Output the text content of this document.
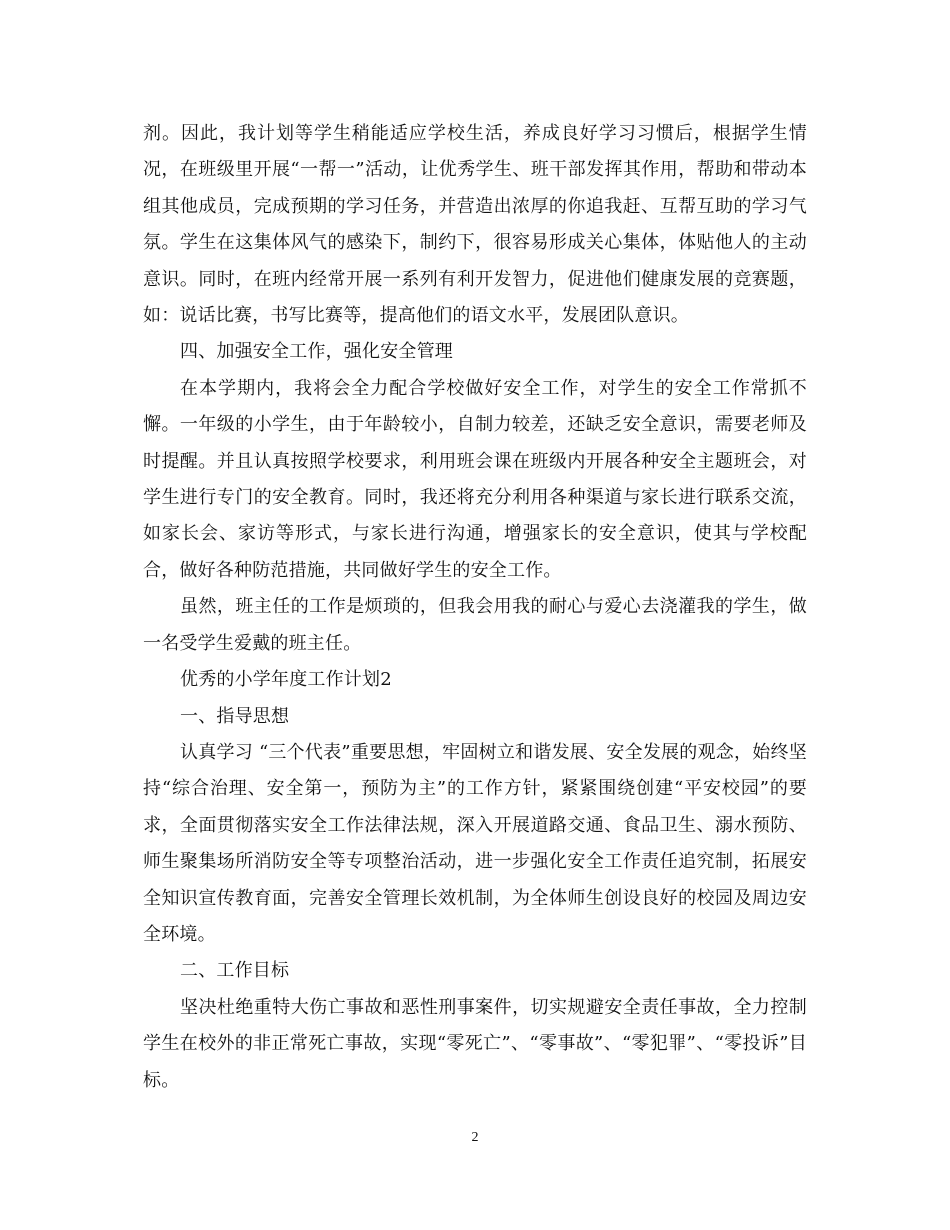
剂。因此，我计划等学生稍能适应学校生活，养成良好学习习惯后，根据学生情况，在班级里开展“一帮一”活动，让优秀学生、班干部发挥其作用，帮助和带动本组其他成员，完成预期的学习任务，并营造出浓厚的你追我赶、互帮互助的学习气氛。学生在这集体风气的感染下，制约下，很容易形成关心集体，体贴他人的主动意识。同时，在班内经常开展一系列有利开发智力，促进他们健康发展的竞赛题，如：说话比赛，书写比赛等，提高他们的语文水平，发展团队意识。

四、加强安全工作，强化安全管理

在本学期内，我将会全力配合学校做好安全工作，对学生的安全工作常抓不懈。一年级的小学生，由于年龄较小，自制力较差，还缺乏安全意识，需要老师及时提醒。并且认真按照学校要求，利用班会课在班级内开展各种安全主题班会，对学生进行专门的安全教育。同时，我还将充分利用各种渠道与家长进行联系交流，如家长会、家访等形式，与家长进行沟通，增强家长的安全意识，使其与学校配合，做好各种防范措施，共同做好学生的安全工作。

虽然，班主任的工作是烦琐的，但我会用我的耐心与爱心去浇灌我的学生，做一名受学生爱戴的班主任。

优秀的小学年度工作计划2

一、指导思想

认真学习 “三个代表”重要思想，牢固树立和谐发展、安全发展的观念，始终坚持“综合治理、安全第一，预防为主”的工作方针，紧紧围绕创建“平安校园”的要求，全面贯彻落实安全工作法律法规，深入开展道路交通、食品卫生、溺水预防、师生聚集场所消防安全等专项整治活动，进一步强化安全工作责任追究制，拓展安全知识宣传教育面，完善安全管理长效机制，为全体师生创设良好的校园及周边安全环境。

二、工作目标

坚决杜绝重特大伤亡事故和恶性刑事案件，切实规避安全责任事故，全力控制学生在校外的非正常死亡事故，实现“零死亡”、“零事故”、“零犯罪”、“零投诉”目标。

2
